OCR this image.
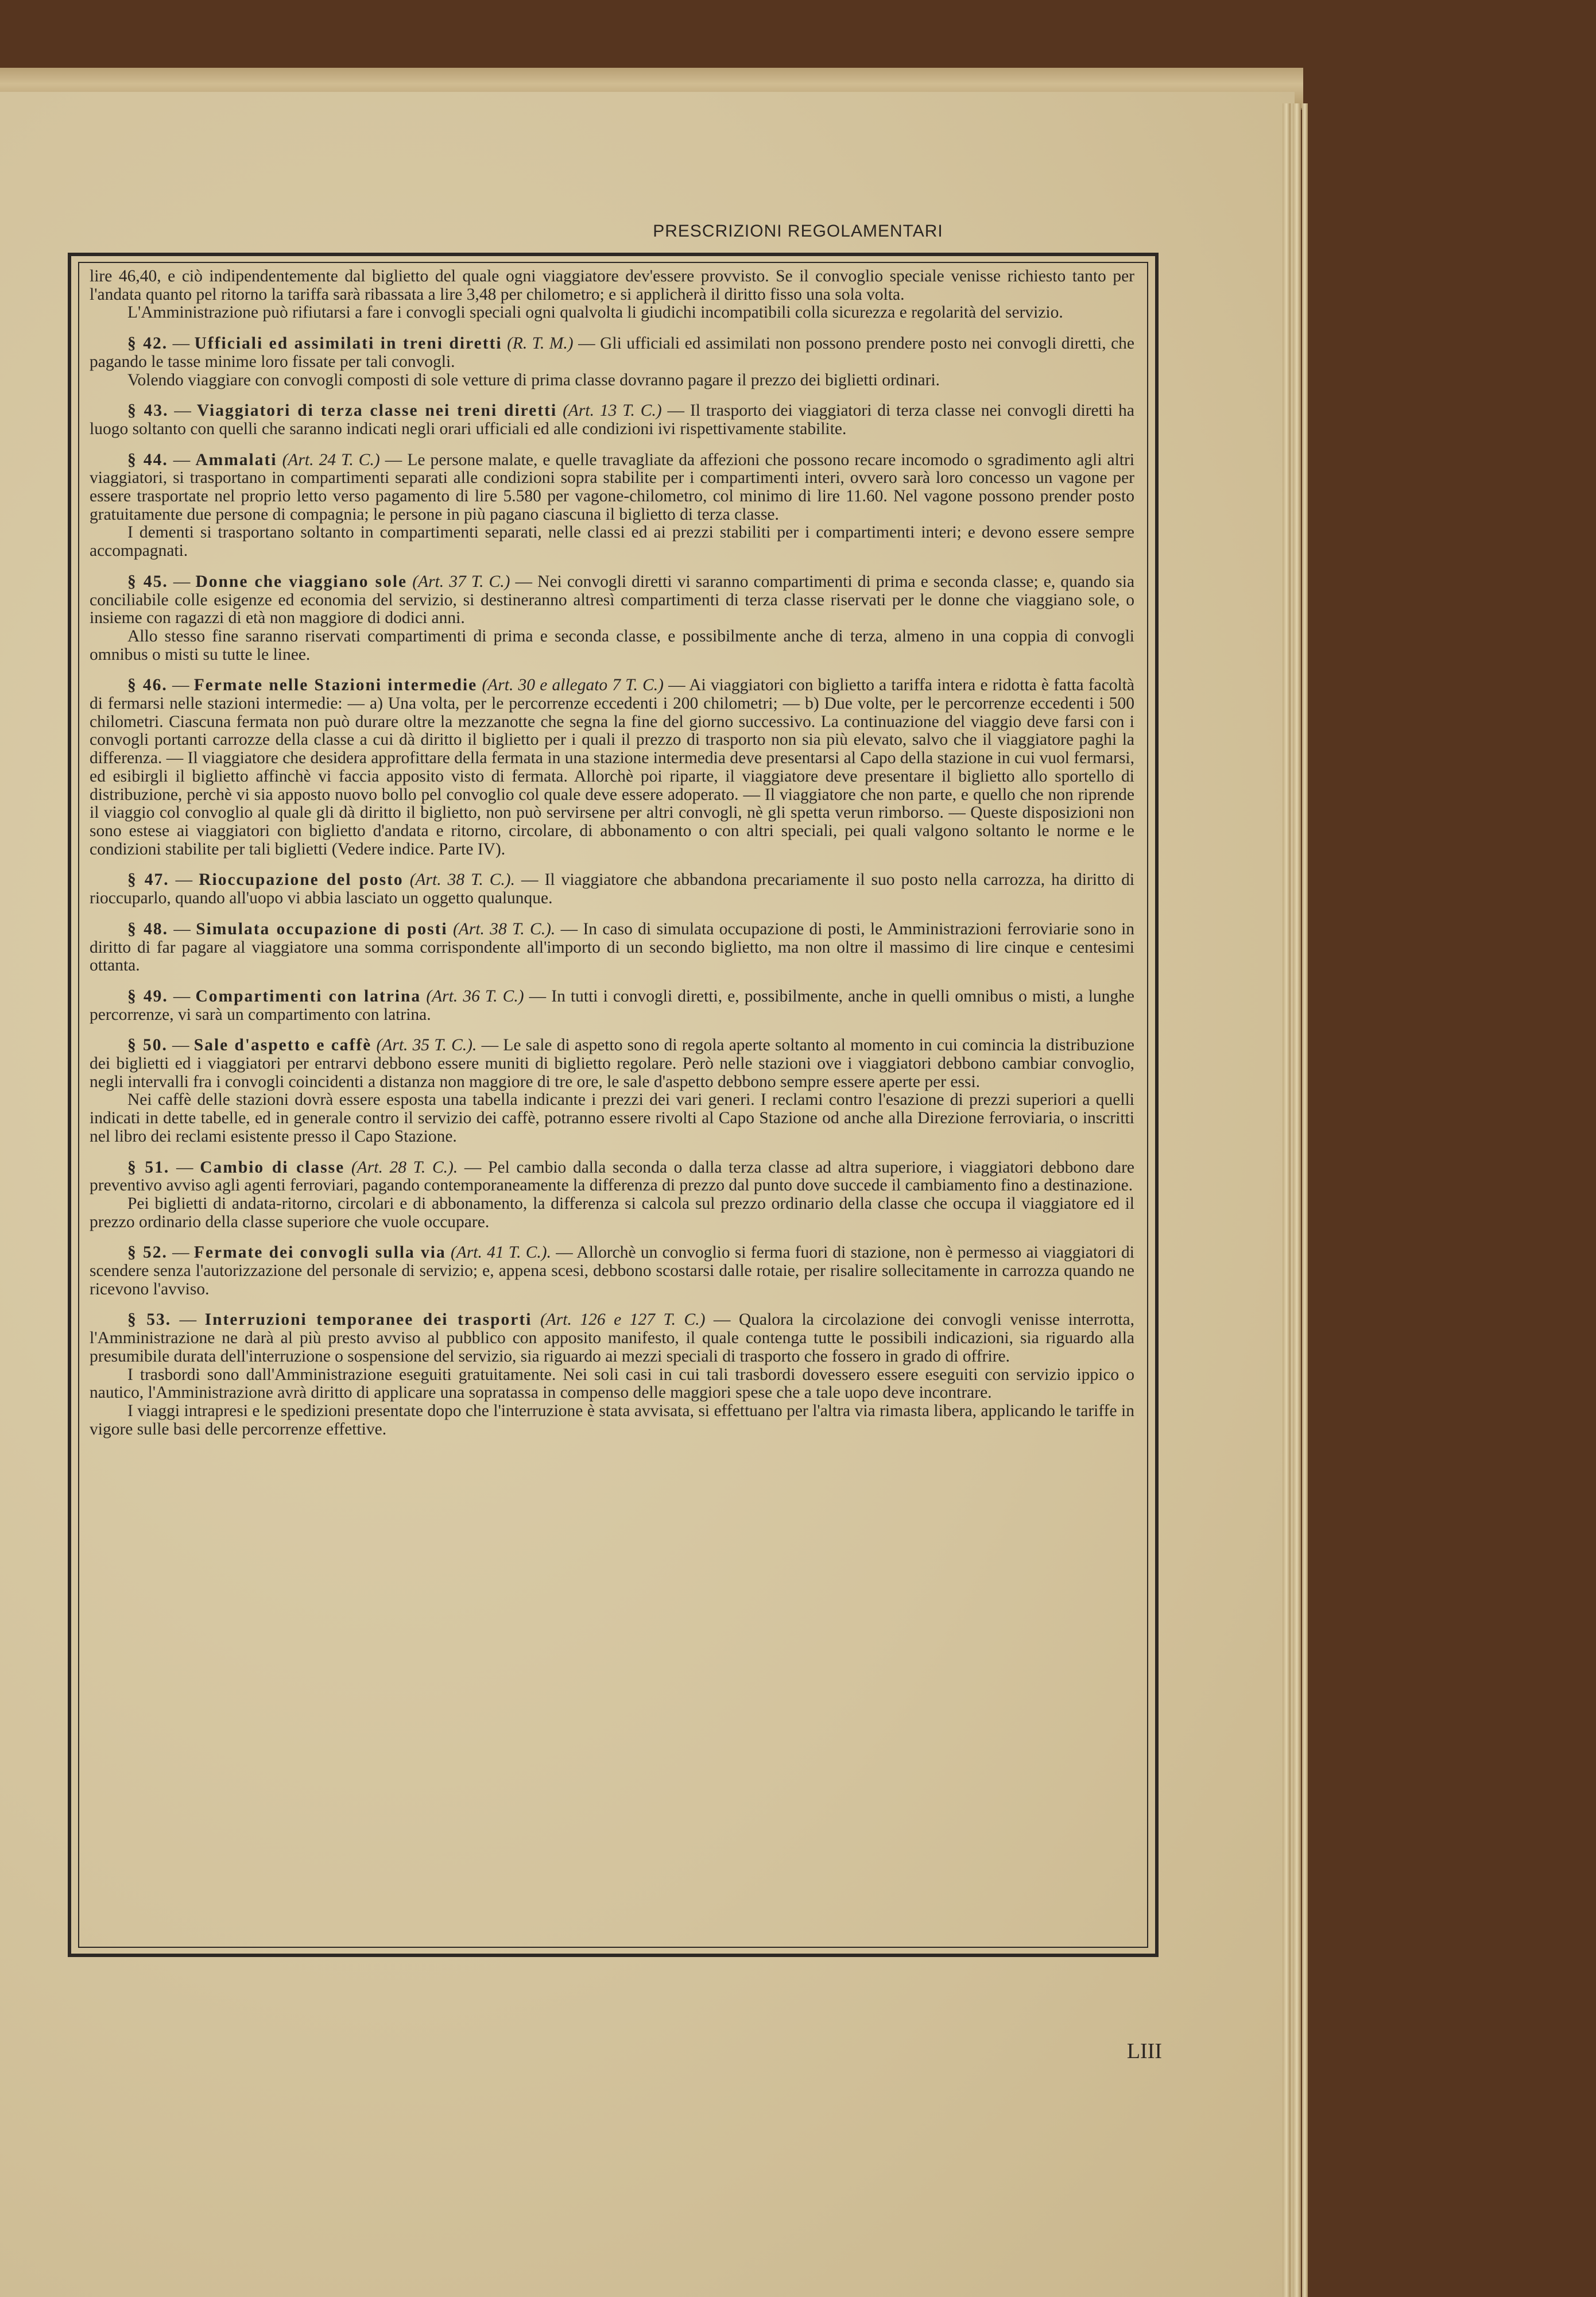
PRESCRIZIONI REGOLAMENTARI

lire 46,40, e ciò indipendentemente dal biglietto del quale ogni viaggiatore dev'essere provvisto. Se il convoglio speciale venisse richiesto tanto per l'andata quanto pel ritorno la tariffa sarà ribassata a lire 3,48 per chilometro; e si applicherà il diritto fisso una sola volta.

L'Amministrazione può rifiutarsi a fare i convogli speciali ogni qualvolta li giudichi incompatibili colla sicurezza e regolarità del servizio.

§ 42. — Ufficiali ed assimilati in treni diretti (R. T. M.) — Gli ufficiali ed assimilati non possono prendere posto nei convogli diretti, che pagando le tasse minime loro fissate per tali convogli.

Volendo viaggiare con convogli composti di sole vetture di prima classe dovranno pagare il prezzo dei biglietti ordinari.

§ 43. — Viaggiatori di terza classe nei treni diretti (Art. 13 T. C.) — Il trasporto dei viaggiatori di terza classe nei convogli diretti ha luogo soltanto con quelli che saranno indicati negli orari ufficiali ed alle condizioni ivi rispettivamente stabilite.

§ 44. — Ammalati (Art. 24 T. C.) — Le persone malate, e quelle travagliate da affezioni che possono recare incomodo o sgradimento agli altri viaggiatori, si trasportano in compartimenti separati alle condizioni sopra stabilite per i compartimenti interi, ovvero sarà loro concesso un vagone per essere trasportate nel proprio letto verso pagamento di lire 5.580 per vagone-chilometro, col minimo di lire 11.60. Nel vagone possono prender posto gratuitamente due persone di compagnia; le persone in più pagano ciascuna il biglietto di terza classe.

I dementi si trasportano soltanto in compartimenti separati, nelle classi ed ai prezzi stabiliti per i compartimenti interi; e devono essere sempre accompagnati.

§ 45. — Donne che viaggiano sole (Art. 37 T. C.) — Nei convogli diretti vi saranno compartimenti di prima e seconda classe; e, quando sia conciliabile colle esigenze ed economia del servizio, si destineranno altresì compartimenti di terza classe riservati per le donne che viaggiano sole, o insieme con ragazzi di età non maggiore di dodici anni.

Allo stesso fine saranno riservati compartimenti di prima e seconda classe, e possibilmente anche di terza, almeno in una coppia di convogli omnibus o misti su tutte le linee.

§ 46. — Fermate nelle Stazioni intermedie (Art. 30 e allegato 7 T. C.) — Ai viaggiatori con biglietto a tariffa intera e ridotta è fatta facoltà di fermarsi nelle stazioni intermedie: — a) Una volta, per le percorrenze eccedenti i 200 chilometri; — b) Due volte, per le percorrenze eccedenti i 500 chilometri. Ciascuna fermata non può durare oltre la mezzanotte che segna la fine del giorno successivo. La continuazione del viaggio deve farsi con i convogli portanti carrozze della classe a cui dà diritto il biglietto per i quali il prezzo di trasporto non sia più elevato, salvo che il viaggiatore paghi la differenza. — Il viaggiatore che desidera approfittare della fermata in una stazione intermedia deve presentarsi al Capo della stazione in cui vuol fermarsi, ed esibirgli il biglietto affinchè vi faccia apposito visto di fermata. Allorchè poi riparte, il viaggiatore deve presentare il biglietto allo sportello di distribuzione, perchè vi sia apposto nuovo bollo pel convoglio col quale deve essere adoperato. — Il viaggiatore che non parte, e quello che non riprende il viaggio col convoglio al quale gli dà diritto il biglietto, non può servirsene per altri convogli, nè gli spetta verun rimborso. — Queste disposizioni non sono estese ai viaggiatori con biglietto d'andata e ritorno, circolare, di abbonamento o con altri speciali, pei quali valgono soltanto le norme e le condizioni stabilite per tali biglietti (Vedere indice. Parte IV).

§ 47. — Rioccupazione del posto (Art. 38 T. C.). — Il viaggiatore che abbandona precariamente il suo posto nella carrozza, ha diritto di rioccuparlo, quando all'uopo vi abbia lasciato un oggetto qualunque.

§ 48. — Simulata occupazione di posti (Art. 38 T. C.). — In caso di simulata occupazione di posti, le Amministrazioni ferroviarie sono in diritto di far pagare al viaggiatore una somma corrispondente all'importo di un secondo biglietto, ma non oltre il massimo di lire cinque e centesimi ottanta.

§ 49. — Compartimenti con latrina (Art. 36 T. C.) — In tutti i convogli diretti, e, possibilmente, anche in quelli omnibus o misti, a lunghe percorrenze, vi sarà un compartimento con latrina.

§ 50. — Sale d'aspetto e caffè (Art. 35 T. C.). — Le sale di aspetto sono di regola aperte soltanto al momento in cui comincia la distribuzione dei biglietti ed i viaggiatori per entrarvi debbono essere muniti di biglietto regolare. Però nelle stazioni ove i viaggiatori debbono cambiar convoglio, negli intervalli fra i convogli coincidenti a distanza non maggiore di tre ore, le sale d'aspetto debbono sempre essere aperte per essi.

Nei caffè delle stazioni dovrà essere esposta una tabella indicante i prezzi dei vari generi. I reclami contro l'esazione di prezzi superiori a quelli indicati in dette tabelle, ed in generale contro il servizio dei caffè, potranno essere rivolti al Capo Stazione od anche alla Direzione ferroviaria, o inscritti nel libro dei reclami esistente presso il Capo Stazione.

§ 51. — Cambio di classe (Art. 28 T. C.). — Pel cambio dalla seconda o dalla terza classe ad altra superiore, i viaggiatori debbono dare preventivo avviso agli agenti ferroviari, pagando contemporaneamente la differenza di prezzo dal punto dove succede il cambiamento fino a destinazione.

Pei biglietti di andata-ritorno, circolari e di abbonamento, la differenza si calcola sul prezzo ordinario della classe che occupa il viaggiatore ed il prezzo ordinario della classe superiore che vuole occupare.

§ 52. — Fermate dei convogli sulla via (Art. 41 T. C.). — Allorchè un convoglio si ferma fuori di stazione, non è permesso ai viaggiatori di scendere senza l'autorizzazione del personale di servizio; e, appena scesi, debbono scostarsi dalle rotaie, per risalire sollecitamente in carrozza quando ne ricevono l'avviso.

§ 53. — Interruzioni temporanee dei trasporti (Art. 126 e 127 T. C.) — Qualora la circolazione dei convogli venisse interrotta, l'Amministrazione ne darà al più presto avviso al pubblico con apposito manifesto, il quale contenga tutte le possibili indicazioni, sia riguardo alla presumibile durata dell'interruzione o sospensione del servizio, sia riguardo ai mezzi speciali di trasporto che fossero in grado di offrire.

I trasbordi sono dall'Amministrazione eseguiti gratuitamente. Nei soli casi in cui tali trasbordi dovessero essere eseguiti con servizio ippico o nautico, l'Amministrazione avrà diritto di applicare una sopratassa in compenso delle maggiori spese che a tale uopo deve incontrare.

I viaggi intrapresi e le spedizioni presentate dopo che l'interruzione è stata avvisata, si effettuano per l'altra via rimasta libera, applicando le tariffe in vigore sulle basi delle percorrenze effettive.

LIII
